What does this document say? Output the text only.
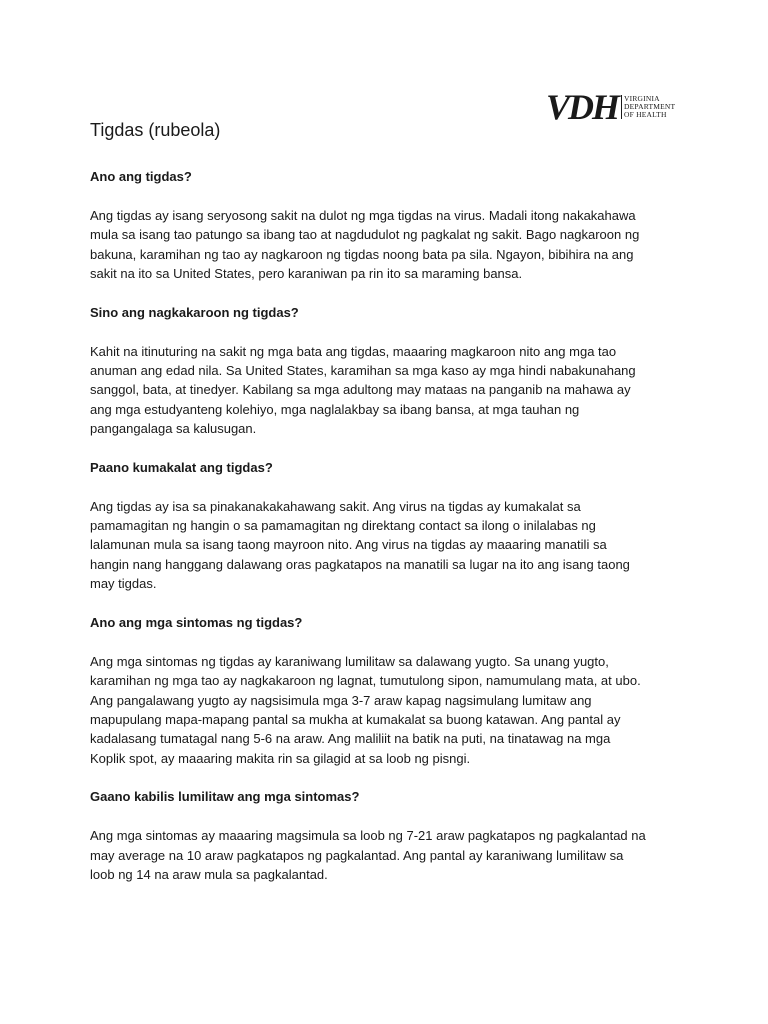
VDH VIRGINIA
DEPARTMENT
OF HEALTH
Tigdas (rubeola)
Ano ang tigdas?

Ang tigdas ay isang seryosong sakit na dulot ng mga tigdas na virus. Madali itong nakakahawa
mula sa isang tao patungo sa ibang tao at nagdudulot ng pagkalat ng sakit. Bago nagkaroon ng
bakuna, karamihan ng tao ay nagkaroon ng tigdas noong bata pa sila. Ngayon, bibihira na ang
sakit na ito sa United States, pero karaniwan pa rin ito sa maraming bansa.

Sino ang nagkakaroon ng tigdas?

Kahit na itinuturing na sakit ng mga bata ang tigdas, maaaring magkaroon nito ang mga tao
anuman ang edad nila. Sa United States, karamihan sa mga kaso ay mga hindi nabakunahang
sanggol, bata, at tinedyer. Kabilang sa mga adultong may mataas na panganib na mahawa ay
ang mga estudyanteng kolehiyo, mga naglalakbay sa ibang bansa, at mga tauhan ng
pangangalaga sa kalusugan.

Paano kumakalat ang tigdas?

Ang tigdas ay isa sa pinakanakakahawang sakit. Ang virus na tigdas ay kumakalat sa
pamamagitan ng hangin o sa pamamagitan ng direktang contact sa ilong o inilalabas ng
lalamunan mula sa isang taong mayroon nito. Ang virus na tigdas ay maaaring manatili sa
hangin nang hanggang dalawang oras pagkatapos na manatili sa lugar na ito ang isang taong
may tigdas.

Ano ang mga sintomas ng tigdas?

Ang mga sintomas ng tigdas ay karaniwang lumilitaw sa dalawang yugto. Sa unang yugto,
karamihan ng mga tao ay nagkakaroon ng lagnat, tumutulong sipon, namumulang mata, at ubo.
Ang pangalawang yugto ay nagsisimula mga 3-7 araw kapag nagsimulang lumitaw ang
mapupulang mapa-mapang pantal sa mukha at kumakalat sa buong katawan. Ang pantal ay
kadalasang tumatagal nang 5-6 na araw. Ang maliliit na batik na puti, na tinatawag na mga
Koplik spot, ay maaaring makita rin sa gilagid at sa loob ng pisngi.

Gaano kabilis lumilitaw ang mga sintomas?

Ang mga sintomas ay maaaring magsimula sa loob ng 7-21 araw pagkatapos ng pagkalantad na
may average na 10 araw pagkatapos ng pagkalantad. Ang pantal ay karaniwang lumilitaw sa
loob ng 14 na araw mula sa pagkalantad.
